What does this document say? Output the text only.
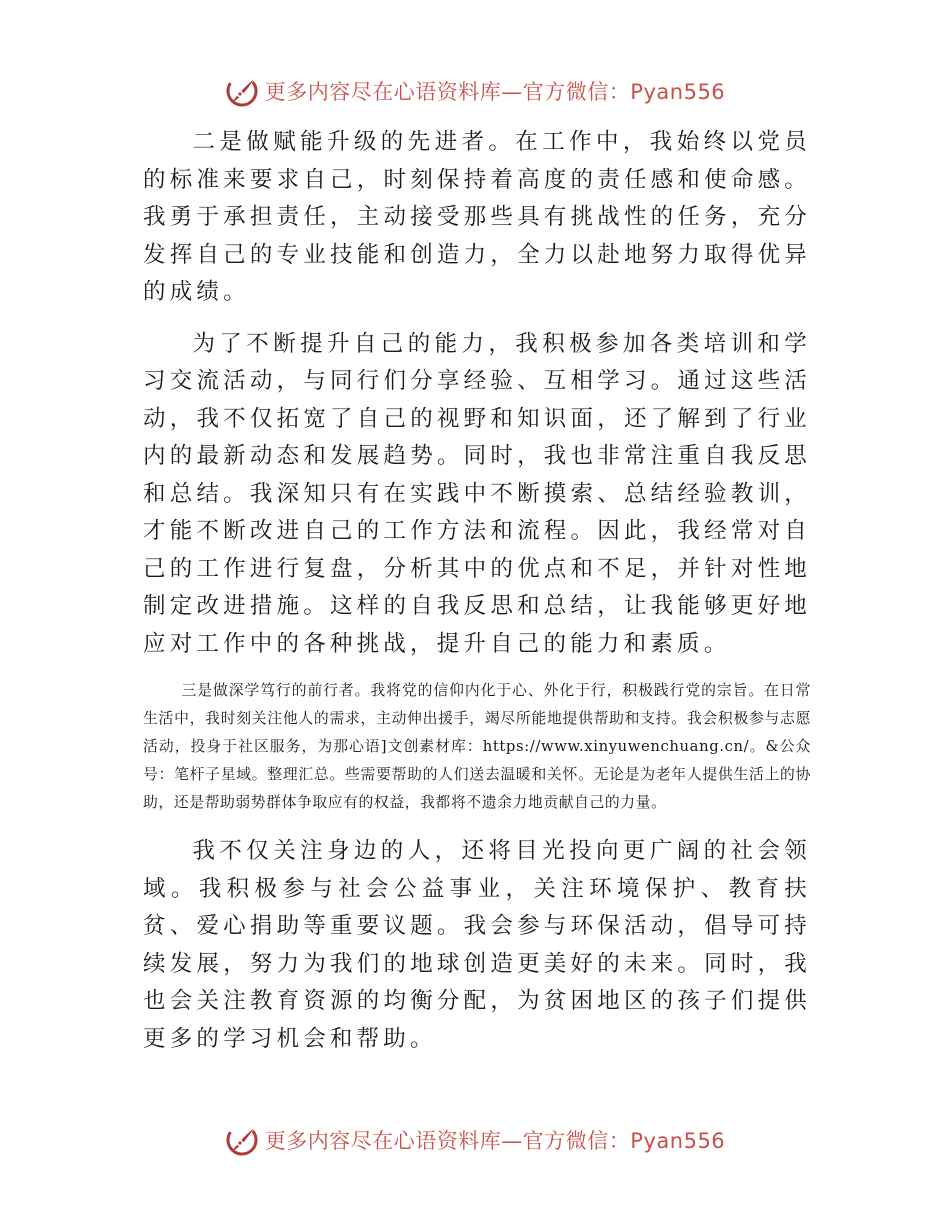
更多内容尽在心语资料库—官方微信：Pyan556

二是做赋能升级的先进者。在工作中，我始终以党员的标准来要求自己，时刻保持着高度的责任感和使命感。我勇于承担责任，主动接受那些具有挑战性的任务，充分发挥自己的专业技能和创造力，全力以赴地努力取得优异的成绩。

为了不断提升自己的能力，我积极参加各类培训和学习交流活动，与同行们分享经验、互相学习。通过这些活动，我不仅拓宽了自己的视野和知识面，还了解到了行业内的最新动态和发展趋势。同时，我也非常注重自我反思和总结。我深知只有在实践中不断摸索、总结经验教训，才能不断改进自己的工作方法和流程。因此，我经常对自己的工作进行复盘，分析其中的优点和不足，并针对性地制定改进措施。这样的自我反思和总结，让我能够更好地应对工作中的各种挑战，提升自己的能力和素质。

三是做深学笃行的前行者。我将党的信仰内化于心、外化于行，积极践行党的宗旨。在日常生活中，我时刻关注他人的需求，主动伸出援手，竭尽所能地提供帮助和支持。我会积极参与志愿活动，投身于社区服务，为那心语]文创素材库：https://www.xinyuwenchuang.cn/。&公众号：笔杆子星域。整理汇总。些需要帮助的人们送去温暖和关怀。无论是为老年人提供生活上的协助，还是帮助弱势群体争取应有的权益，我都将不遗余力地贡献自己的力量。

我不仅关注身边的人，还将目光投向更广阔的社会领域。我积极参与社会公益事业，关注环境保护、教育扶贫、爱心捐助等重要议题。我会参与环保活动，倡导可持续发展，努力为我们的地球创造更美好的未来。同时，我也会关注教育资源的均衡分配，为贫困地区的孩子们提供更多的学习机会和帮助。

更多内容尽在心语资料库—官方微信：Pyan556
